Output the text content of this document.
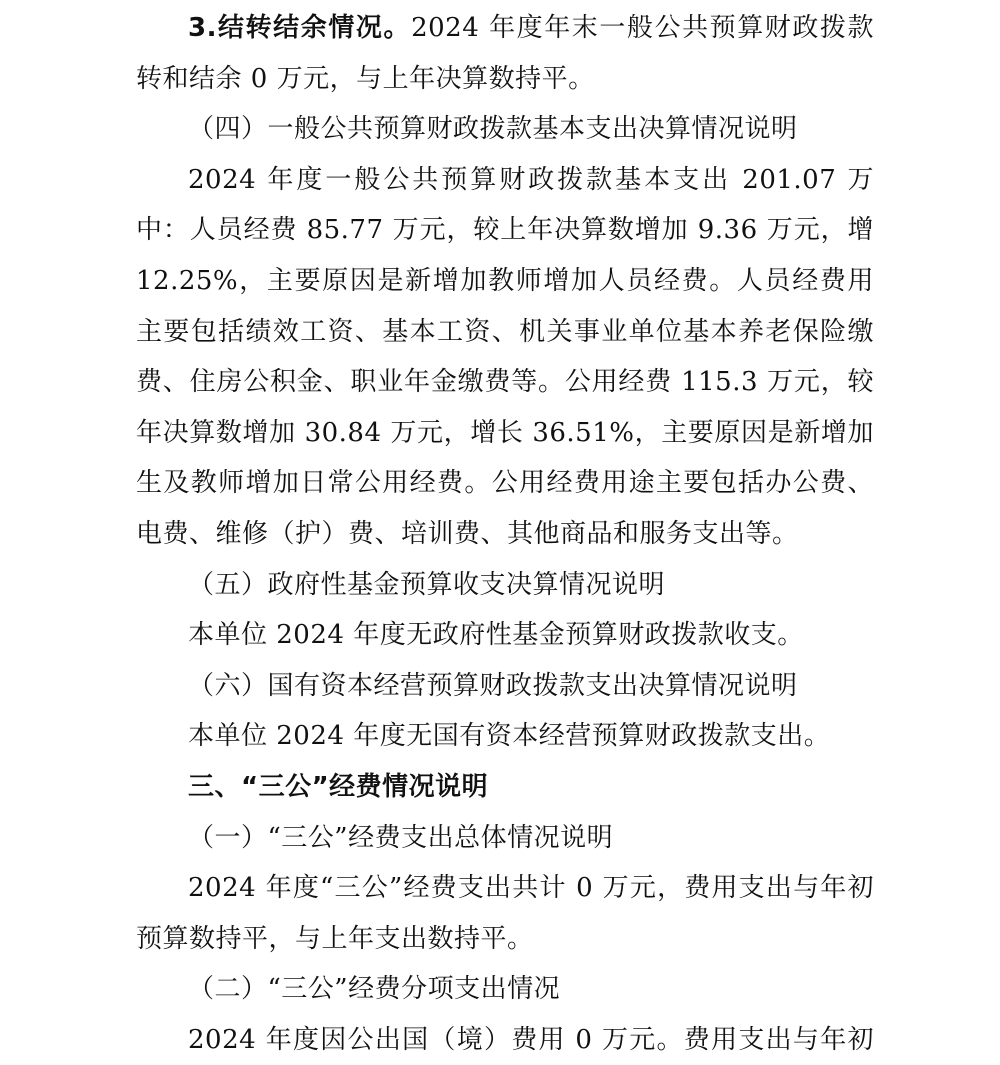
3.结转结余情况。2024 年度年末一般公共预算财政拨款
转和结余 0 万元，与上年决算数持平。
（四）一般公共预算财政拨款基本支出决算情况说明
2024 年度一般公共预算财政拨款基本支出 201.07 万
中：人员经费 85.77 万元，较上年决算数增加 9.36 万元，增
12.25%，主要原因是新增加教师增加人员经费。人员经费用
主要包括绩效工资、基本工资、机关事业单位基本养老保险缴
费、住房公积金、职业年金缴费等。公用经费 115.3 万元，较
年决算数增加 30.84 万元，增长 36.51%，主要原因是新增加
生及教师增加日常公用经费。公用经费用途主要包括办公费、
电费、维修（护）费、培训费、其他商品和服务支出等。
（五）政府性基金预算收支决算情况说明
本单位 2024 年度无政府性基金预算财政拨款收支。
（六）国有资本经营预算财政拨款支出决算情况说明
本单位 2024 年度无国有资本经营预算财政拨款支出。
三、“三公”经费情况说明
（一）“三公”经费支出总体情况说明
2024 年度“三公”经费支出共计 0 万元，费用支出与年初
预算数持平，与上年支出数持平。
（二）“三公”经费分项支出情况
2024 年度因公出国（境）费用 0 万元。费用支出与年初
